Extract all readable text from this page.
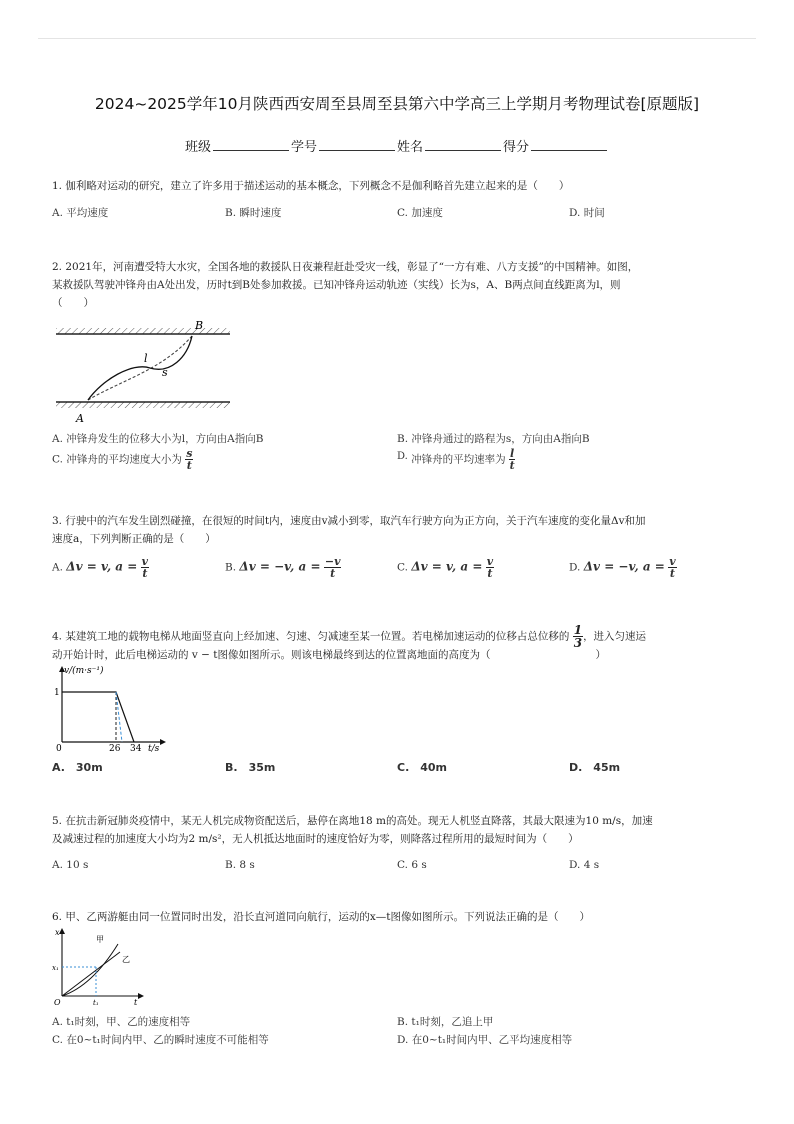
2024~2025学年10月陕西西安周至县周至县第六中学高三上学期月考物理试卷[原题版]
班级	学号	姓名	得分
1. 伽利略对运动的研究，建立了许多用于描述运动的基本概念，下列概念不是伽利略首先建立起来的是（　　）
A. 平均速度	B. 瞬时速度	C. 加速度	D. 时间
2. 2021年，河南遭受特大水灾，全国各地的救援队日夜兼程赶赴受灾一线，彰显了“一方有难、八方支援”的中国精神。如图，
某救援队驾驶冲锋舟由A处出发，历时t到B处参加救援。已知冲锋舟运动轨迹（实线）长为s，A、B两点间直线距离为l，则
（　　）
B
l
s
A
A. 冲锋舟发生的位移大小为l，方向由A指向B	B. 冲锋舟通过的路程为s，方向由A指向B
C. 冲锋舟的平均速度大小为 $\frac{s}{t}$	D. 冲锋舟的平均速率为 $\frac{l}{t}$
3. 行驶中的汽车发生剧烈碰撞，在很短的时间t内，速度由v减小到零，取汽车行驶方向为正方向，关于汽车速度的变化量Δv和加
速度a，下列判断正确的是（　　）
A. Δv = v, $a = \frac{v}{t}$	B. Δv = −v, $a = \frac{-v}{t}$	C. Δv = v, $a = \frac{v}{t}$	D. Δv = −v, $a = \frac{v}{t}$
4. 某建筑工地的载物电梯从地面竖直向上经加速、匀速、匀减速至某一位置。若电梯加速运动的位移占总位移的 $\frac{1}{3}$ ，进入匀速运
动开始计时，此后电梯运动的 v − t图像如图所示。则该电梯最终到达的位置离地面的高度为（　　　　　　　　　　）
v/(m·s⁻¹)
1
0	26 34 t/s
A.　30m	B.　35m	C.　40m	D.　45m
5. 在抗击新冠肺炎疫情中，某无人机完成物资配送后，悬停在离地18 m的高处。现无人机竖直降落，其最大限速为10 m/s，加速
及减速过程的加速度大小均为2 m/s²，无人机抵达地面时的速度恰好为零，则降落过程所用的最短时间为（　　）
A. 10 s	B. 8 s	C. 6 s	D. 4 s
6. 甲、乙两游艇由同一位置同时出发，沿长直河道同向航行，运动的x—t图像如图所示。下列说法正确的是（　　）
x
甲
乙
x₁
O	t₁	t
A. t₁时刻，甲、乙的速度相等	B. t₁时刻，乙追上甲
C. 在0~t₁时间内甲、乙的瞬时速度不可能相等	D. 在0~t₁时间内甲、乙平均速度相等
